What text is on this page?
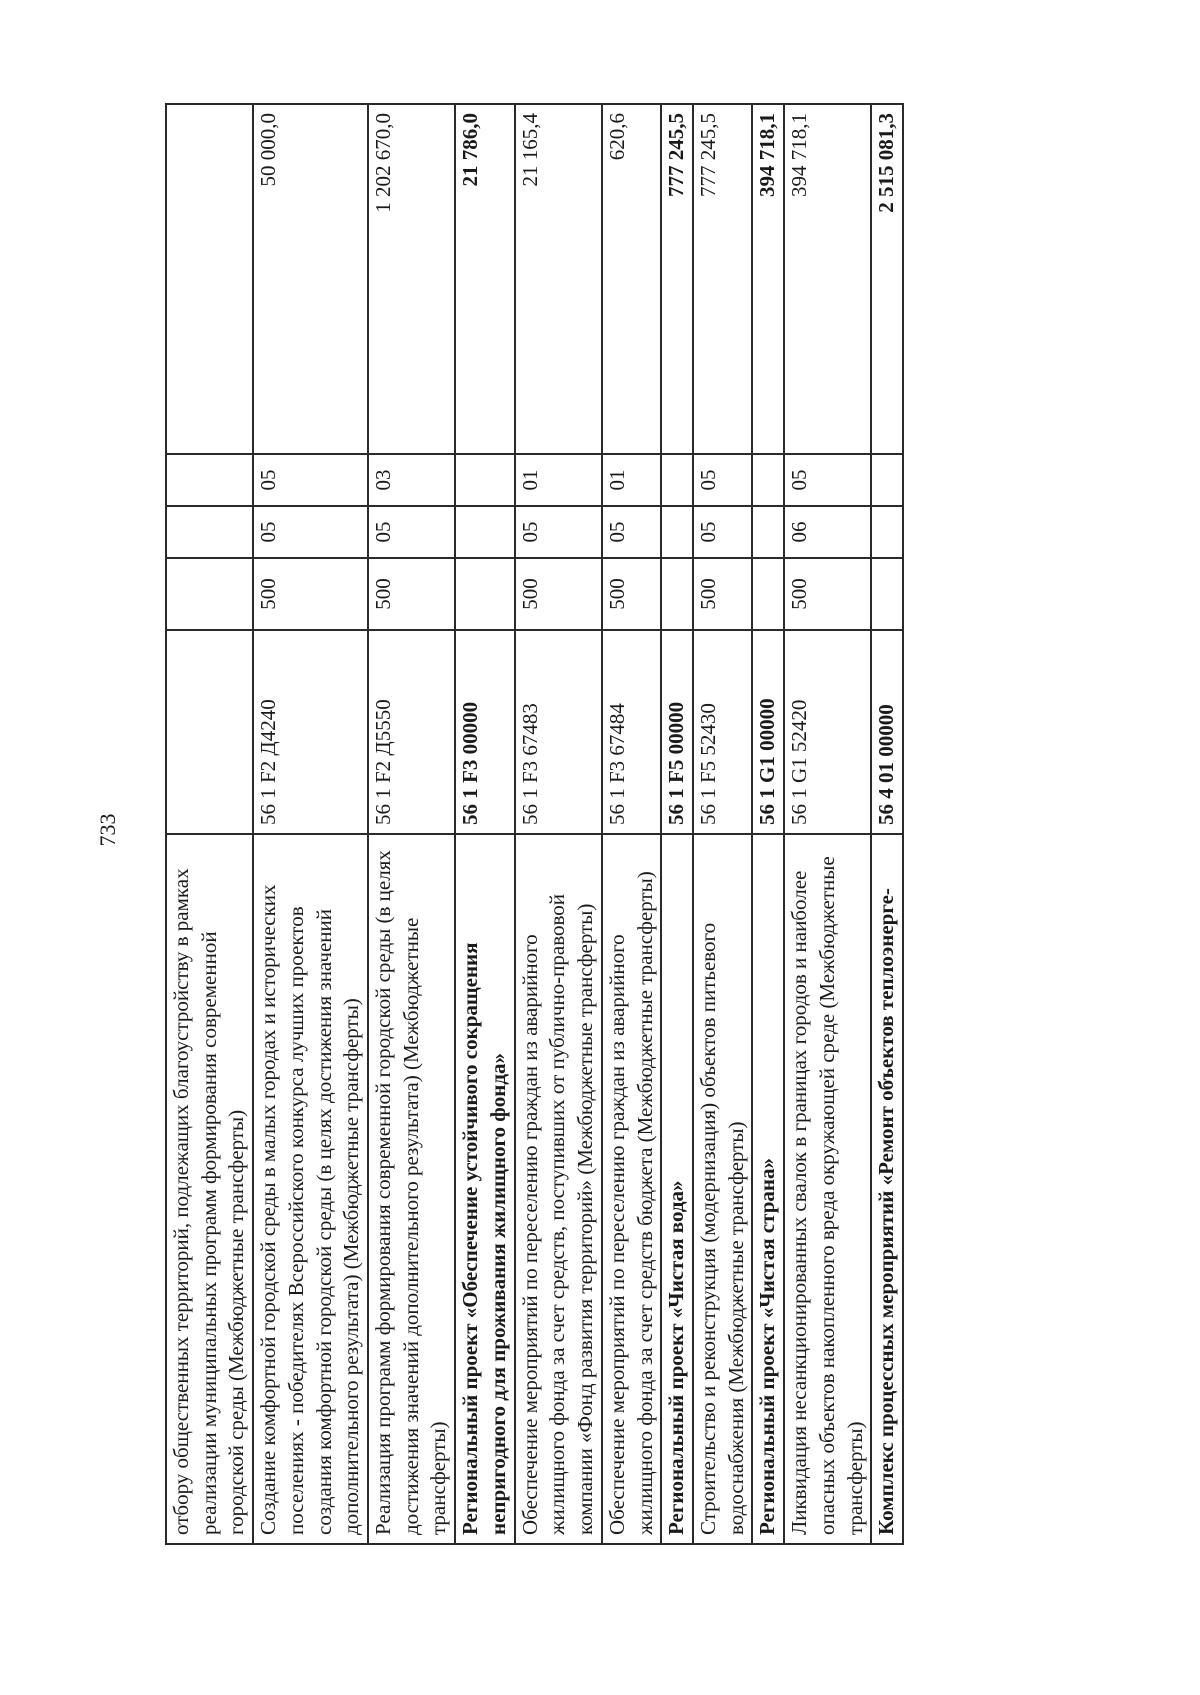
733
отбору общественных территорий, подлежащих благоустройству в рамках реализации муниципальных программ формирования современной городской среды (Межбюджетные трансферты)					
Создание комфортной городской среды в малых городах и исторических поселениях - победителях Всероссийского конкурса лучших проектов создания комфортной городской среды (в целях достижения значений дополнительного результата) (Межбюджетные трансферты)	56 1 F2 Д4240	500	05	05	50 000,0
Реализация программ формирования современной городской среды (в целях достижения значений дополнительного результата) (Межбюджетные трансферты)	56 1 F2 Д5550	500	05	03	1 202 670,0
Региональный проект «Обеспечение устойчивого сокращения непригодного для проживания жилищного фонда»	56 1 F3 00000				21 786,0
Обеспечение мероприятий по переселению граждан из аварийного жилищного фонда за счет средств, поступивших от публично-правовой компании «Фонд развития территорий» (Межбюджетные трансферты)	56 1 F3 67483	500	05	01	21 165,4
Обеспечение мероприятий по переселению граждан из аварийного жилищного фонда за счет средств бюджета (Межбюджетные трансферты)	56 1 F3 67484	500	05	01	620,6
Региональный проект «Чистая вода»	56 1 F5 00000				777 245,5
Строительство и реконструкция (модернизация) объектов питьевого водоснабжения (Межбюджетные трансферты)	56 1 F5 52430	500	05	05	777 245,5
Региональный проект «Чистая страна»	56 1 G1 00000				394 718,1
Ликвидация несанкционированных свалок в границах городов и наиболее опасных объектов накопленного вреда окружающей среде (Межбюджетные трансферты)	56 1 G1 52420	500	06	05	394 718,1
Комплекс процессных мероприятий «Ремонт объектов теплоэнерге-	56 4 01 00000				2 515 081,3
